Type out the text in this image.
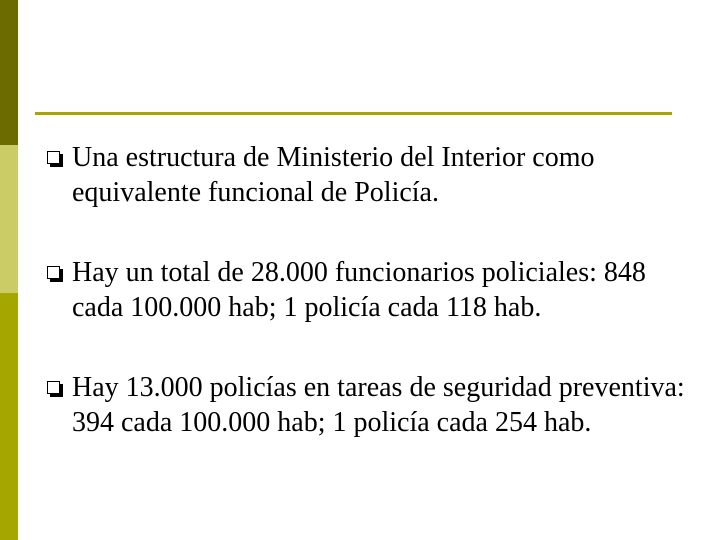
Una estructura de Ministerio del Interior como equivalente funcional de Policía.
Hay un total de 28.000 funcionarios policiales: 848 cada 100.000 hab; 1 policía cada 118 hab.
Hay 13.000 policías en tareas de seguridad preventiva: 394 cada 100.000 hab; 1 policía cada 254 hab.
